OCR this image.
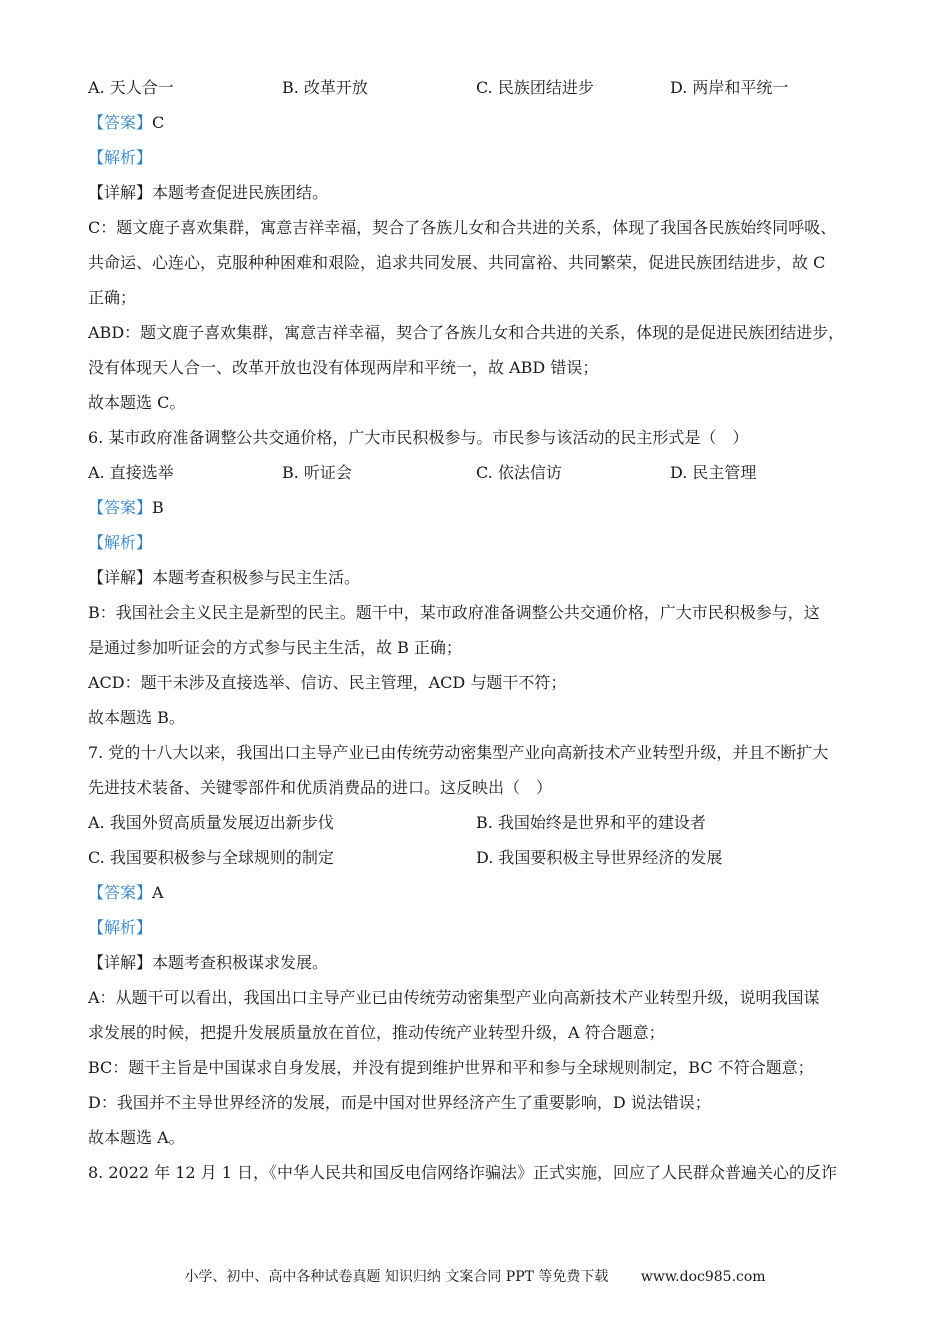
A. 天人合一	B. 改革开放	C. 民族团结进步	D. 两岸和平统一
【答案】C
【解析】
【详解】本题考查促进民族团结。
C：题文鹿子喜欢集群，寓意吉祥幸福，契合了各族儿女和合共进的关系，体现了我国各民族始终同呼吸、
共命运、心连心，克服种种困难和艰险，追求共同发展、共同富裕、共同繁荣，促进民族团结进步，故 C
正确；
ABD：题文鹿子喜欢集群，寓意吉祥幸福，契合了各族儿女和合共进的关系，体现的是促进民族团结进步，
没有体现天人合一、改革开放也没有体现两岸和平统一，故 ABD 错误；
故本题选 C。
6. 某市政府准备调整公共交通价格，广大市民积极参与。市民参与该活动的民主形式是（　）
A. 直接选举	B. 听证会	C. 依法信访	D. 民主管理
【答案】B
【解析】
【详解】本题考查积极参与民主生活。
B：我国社会主义民主是新型的民主。题干中，某市政府准备调整公共交通价格，广大市民积极参与，这
是通过参加听证会的方式参与民主生活，故 B 正确；
ACD：题干未涉及直接选举、信访、民主管理，ACD 与题干不符；
故本题选 B。
7. 党的十八大以来，我国出口主导产业已由传统劳动密集型产业向高新技术产业转型升级，并且不断扩大
先进技术装备、关键零部件和优质消费品的进口。这反映出（　）
A. 我国外贸高质量发展迈出新步伐	B. 我国始终是世界和平的建设者
C. 我国要积极参与全球规则的制定	D. 我国要积极主导世界经济的发展
【答案】A
【解析】
【详解】本题考查积极谋求发展。
A：从题干可以看出，我国出口主导产业已由传统劳动密集型产业向高新技术产业转型升级，说明我国谋
求发展的时候，把提升发展质量放在首位，推动传统产业转型升级，A 符合题意；
BC：题干主旨是中国谋求自身发展，并没有提到维护世界和平和参与全球规则制定，BC 不符合题意；
D：我国并不主导世界经济的发展，而是中国对世界经济产生了重要影响，D 说法错误；
故本题选 A。
8. 2022 年 12 月 1 日，《中华人民共和国反电信网络诈骗法》正式实施，回应了人民群众普遍关心的反诈
小学、初中、高中各种试卷真题 知识归纳 文案合同 PPT 等免费下载 www.doc985.com
